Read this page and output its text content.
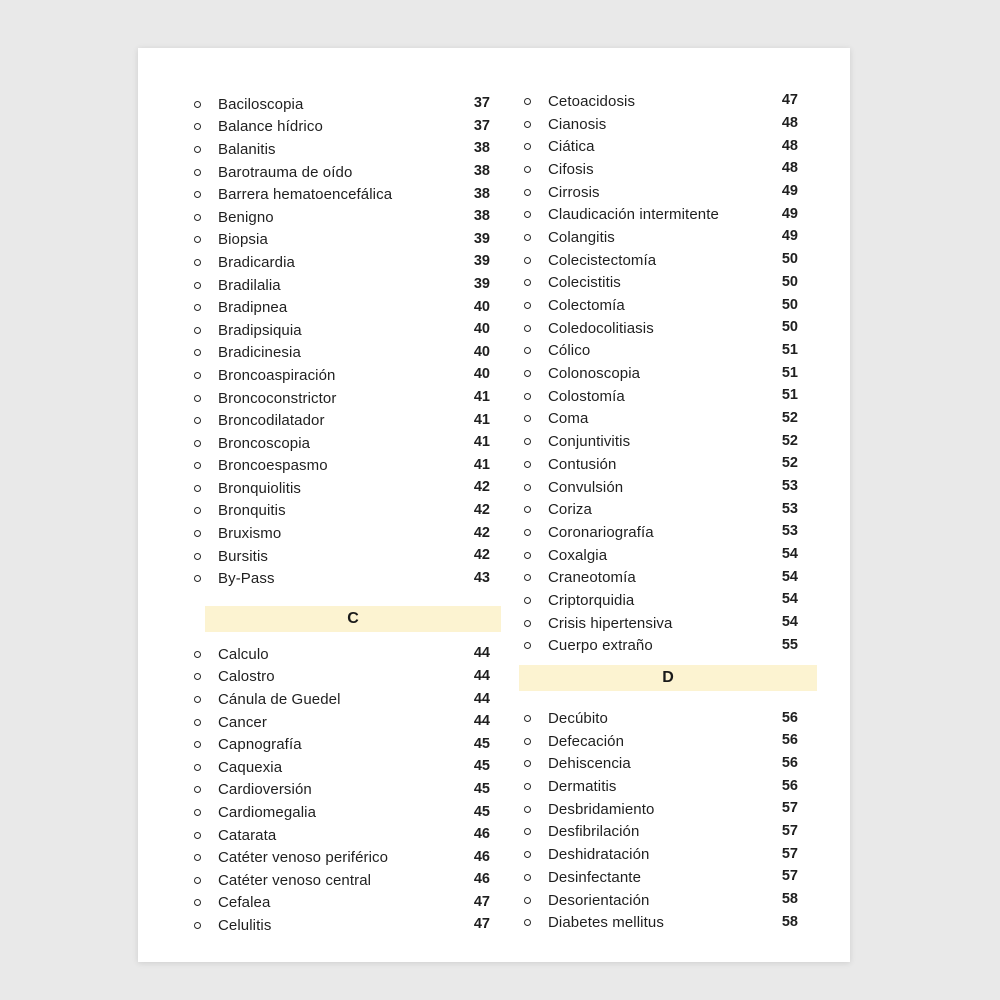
Baciloscopia	37
Balance hídrico	37
Balanitis	38
Barotrauma de oído	38
Barrera hematoencefálica	38
Benigno	38
Biopsia	39
Bradicardia	39
Bradilalia	39
Bradipnea	40
Bradipsiquia	40
Bradicinesia	40
Broncoaspiración	40
Broncoconstrictor	41
Broncodilatador	41
Broncoscopia	41
Broncoespasmo	41
Bronquiolitis	42
Bronquitis	42
Bruxismo	42
Bursitis	42
By-Pass	43
C
Calculo	44
Calostro	44
Cánula de Guedel	44
Cancer	44
Capnografía	45
Caquexia	45
Cardioversión	45
Cardiomegalia	45
Catarata	46
Catéter venoso periférico	46
Catéter venoso central	46
Cefalea	47
Celulitis	47
Cetoacidosis	47
Cianosis	48
Ciática	48
Cifosis	48
Cirrosis	49
Claudicación intermitente	49
Colangitis	49
Colecistectomía	50
Colecistitis	50
Colectomía	50
Coledocolitiasis	50
Cólico	51
Colonoscopia	51
Colostomía	51
Coma	52
Conjuntivitis	52
Contusión	52
Convulsión	53
Coriza	53
Coronariografía	53
Coxalgia	54
Craneotomía	54
Criptorquidia	54
Crisis hipertensiva	54
Cuerpo extraño	55
D
Decúbito	56
Defecación	56
Dehiscencia	56
Dermatitis	56
Desbridamiento	57
Desfibrilación	57
Deshidratación	57
Desinfectante	57
Desorientación	58
Diabetes mellitus	58
